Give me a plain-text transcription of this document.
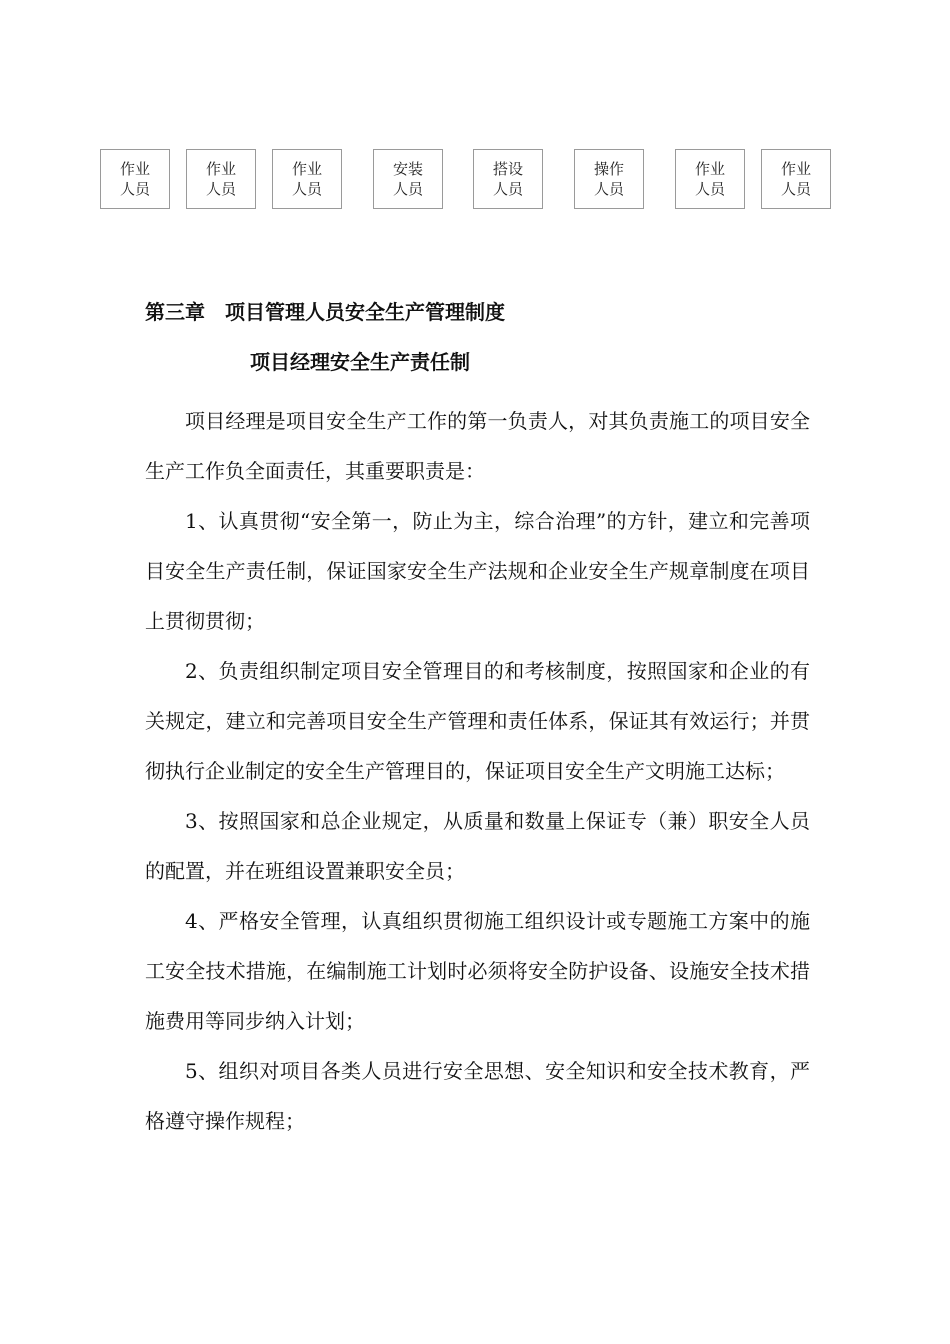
作业
人员
作业
人员
作业
人员
安装
人员
搭设
人员
操作
人员
作业
人员
作业
人员
第三章　项目管理人员安全生产管理制度
项目经理安全生产责任制

项目经理是项目安全生产工作的第一负责人，对其负责施工的项目安全生产工作负全面责任，其重要职责是：

1、认真贯彻“安全第一，防止为主，综合治理”的方针，建立和完善项目安全生产责任制，保证国家安全生产法规和企业安全生产规章制度在项目上贯彻贯彻；

2、负责组织制定项目安全管理目的和考核制度，按照国家和企业的有关规定，建立和完善项目安全生产管理和责任体系，保证其有效运行；并贯彻执行企业制定的安全生产管理目的，保证项目安全生产文明施工达标；

3、按照国家和总企业规定，从质量和数量上保证专（兼）职安全人员的配置，并在班组设置兼职安全员；

4、严格安全管理，认真组织贯彻施工组织设计或专题施工方案中的施工安全技术措施，在编制施工计划时必须将安全防护设备、设施安全技术措施费用等同步纳入计划；

5、组织对项目各类人员进行安全思想、安全知识和安全技术教育，严格遵守操作规程；
